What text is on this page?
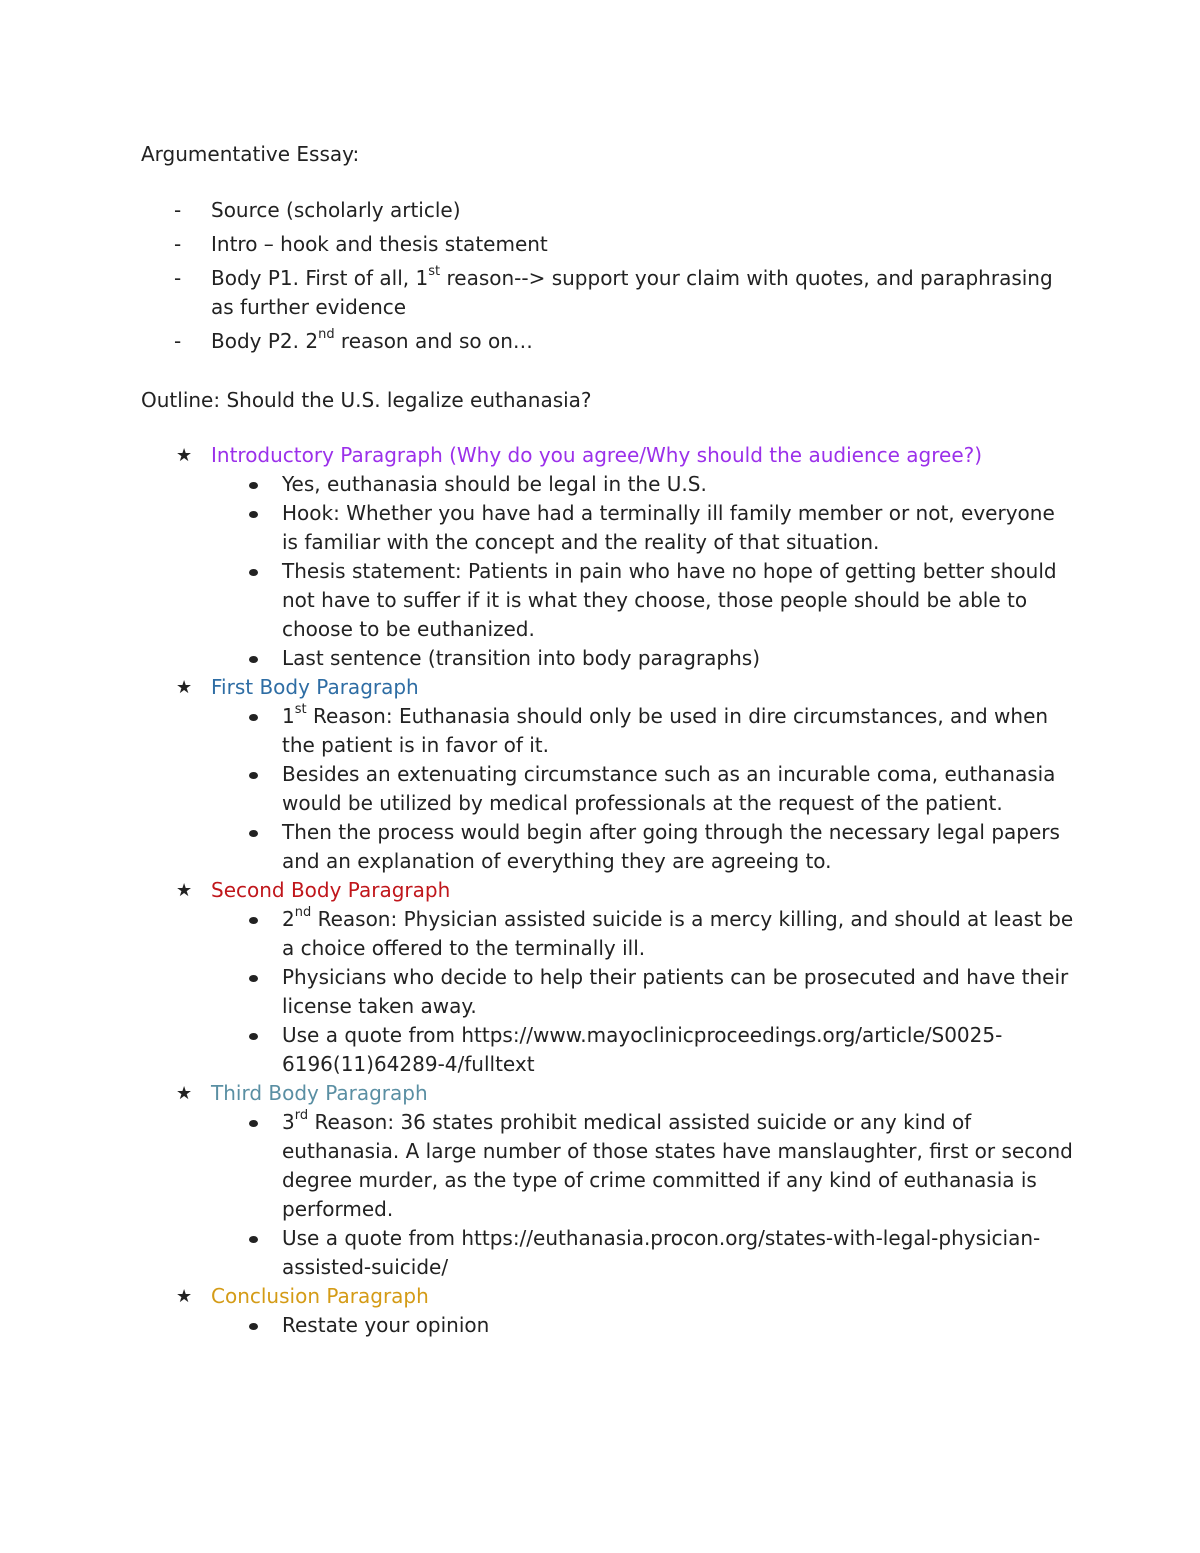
Argumentative Essay:
- Source (scholarly article)
- Intro – hook and thesis statement
- Body P1. First of all, 1st reason--> support your claim with quotes, and paraphrasing as further evidence
- Body P2. 2nd reason and so on…
Outline: Should the U.S. legalize euthanasia?
★ Introductory Paragraph (Why do you agree/Why should the audience agree?)
Yes, euthanasia should be legal in the U.S.
Hook: Whether you have had a terminally ill family member or not, everyone is familiar with the concept and the reality of that situation.
Thesis statement: Patients in pain who have no hope of getting better should not have to suffer if it is what they choose, those people should be able to choose to be euthanized.
Last sentence (transition into body paragraphs)
★ First Body Paragraph
1st Reason: Euthanasia should only be used in dire circumstances, and when the patient is in favor of it.
Besides an extenuating circumstance such as an incurable coma, euthanasia would be utilized by medical professionals at the request of the patient.
Then the process would begin after going through the necessary legal papers and an explanation of everything they are agreeing to.
★ Second Body Paragraph
2nd Reason: Physician assisted suicide is a mercy killing, and should at least be a choice offered to the terminally ill.
Physicians who decide to help their patients can be prosecuted and have their license taken away.
Use a quote from https://www.mayoclinicproceedings.org/article/S0025-6196(11)64289-4/fulltext
★ Third Body Paragraph
3rd Reason: 36 states prohibit medical assisted suicide or any kind of euthanasia. A large number of those states have manslaughter, first or second degree murder, as the type of crime committed if any kind of euthanasia is performed.
Use a quote from https://euthanasia.procon.org/states-with-legal-physician-assisted-suicide/
★ Conclusion Paragraph
Restate your opinion
